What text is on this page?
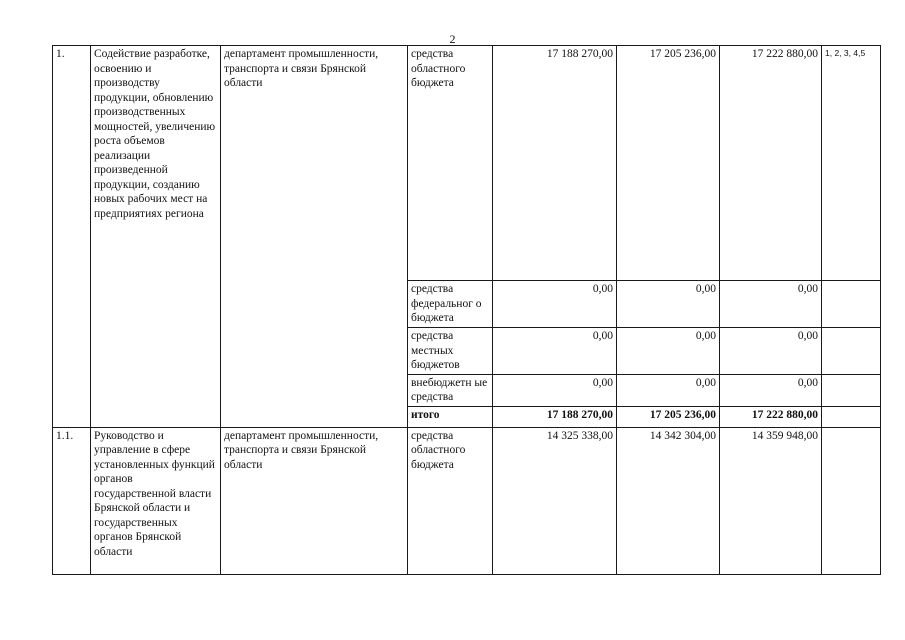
2
1.	Содействие разработке, освоению и производству продукции, обновлению производственных мощностей, увеличению роста объемов реализации произведенной продукции, созданию новых рабочих мест на предприятиях региона	департамент промышленности, транспорта и связи Брянской области	средства областного бюджета	17 188 270,00	17 205 236,00	17 222 880,00	1, 2, 3, 4,5
			средства федеральног о бюджета	0,00	0,00	0,00	
			средства местных бюджетов	0,00	0,00	0,00	
			внебюджетн ые средства	0,00	0,00	0,00	
			итого	17 188 270,00	17 205 236,00	17 222 880,00	
1.1.	Руководство и управление в сфере установленных функций органов государственной власти Брянской области и государственных органов Брянской области	департамент промышленности, транспорта и связи Брянской области	средства областного бюджета	14 325 338,00	14 342 304,00	14 359 948,00	
